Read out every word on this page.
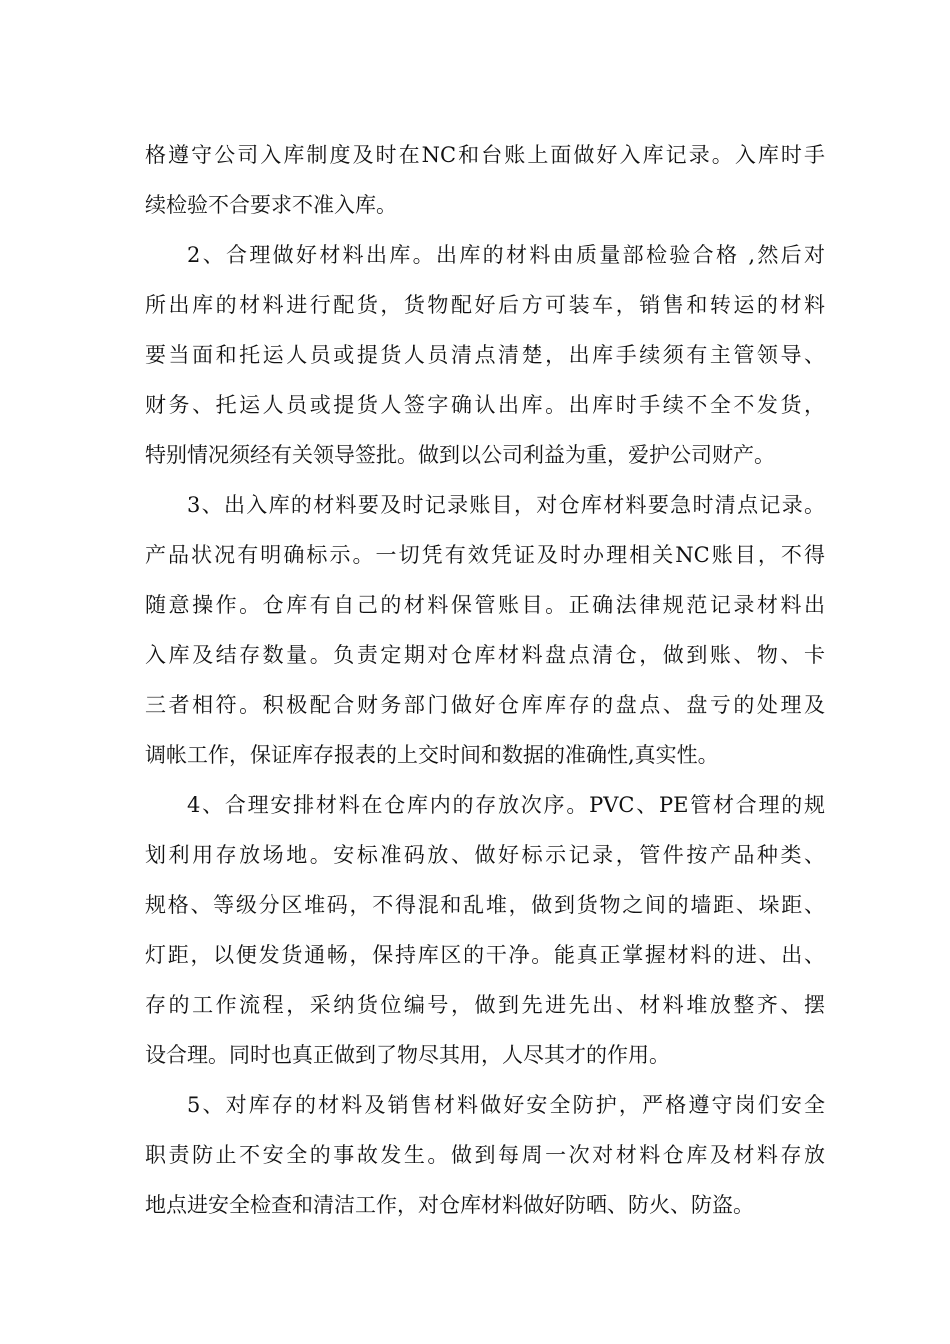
格遵守公司入库制度及时在NC和台账上面做好入库记录。入库时手
续检验不合要求不准入库。
2、合理做好材料出库。出库的材料由质量部检验合格 ,然后对
所出库的材料进行配货，货物配好后方可装车，销售和转运的材料
要当面和托运人员或提货人员清点清楚，出库手续须有主管领导、
财务、托运人员或提货人签字确认出库。出库时手续不全不发货，
特别情况须经有关领导签批。做到以公司利益为重，爱护公司财产。
3、出入库的材料要及时记录账目，对仓库材料要急时清点记录。
产品状况有明确标示。一切凭有效凭证及时办理相关NC账目，不得
随意操作。仓库有自己的材料保管账目。正确法律规范记录材料出
入库及结存数量。负责定期对仓库材料盘点清仓，做到账、物、卡
三者相符。积极配合财务部门做好仓库库存的盘点、盘亏的处理及
调帐工作，保证库存报表的上交时间和数据的准确性,真实性。
4、合理安排材料在仓库内的存放次序。PVC、PE管材合理的规
划利用存放场地。安标准码放、做好标示记录，管件按产品种类、
规格、等级分区堆码，不得混和乱堆，做到货物之间的墙距、垛距、
灯距，以便发货通畅，保持库区的干净。能真正掌握材料的进、出、
存的工作流程，采纳货位编号，做到先进先出、材料堆放整齐、摆
设合理。同时也真正做到了物尽其用，人尽其才的作用。
5、对库存的材料及销售材料做好安全防护，严格遵守岗们安全
职责防止不安全的事故发生。做到每周一次对材料仓库及材料存放
地点进安全检查和清洁工作，对仓库材料做好防晒、防火、防盗。
